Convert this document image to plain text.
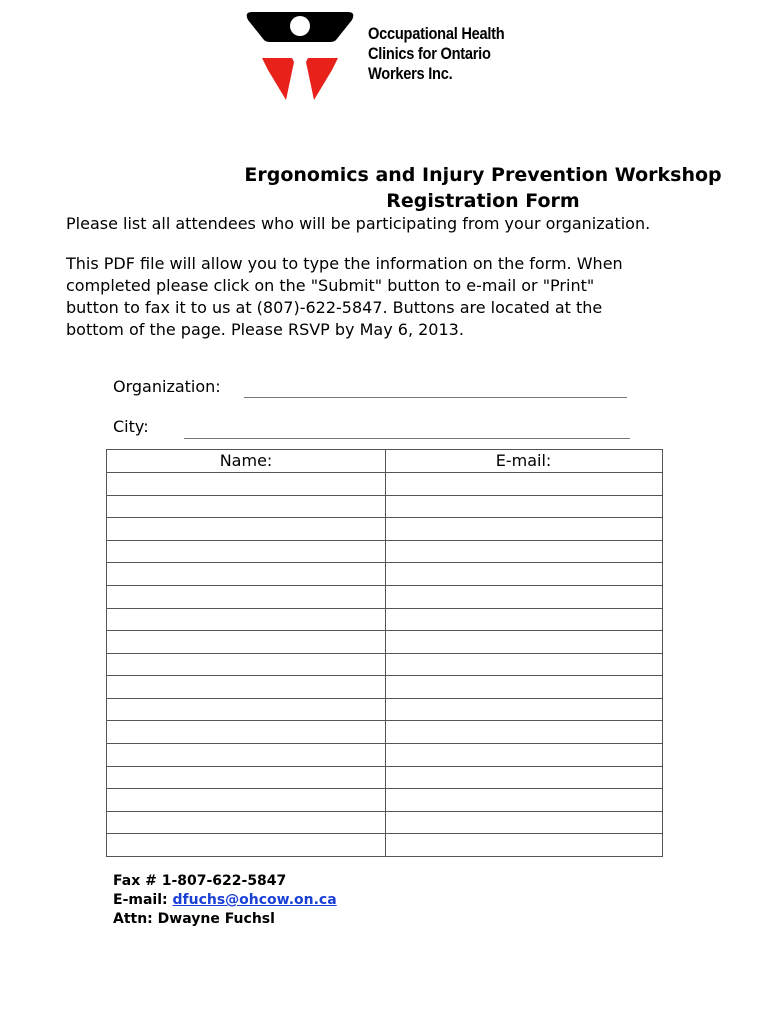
Occupational Health
Clinics for Ontario
Workers Inc.
Ergonomics and Injury Prevention Workshop
Registration Form
Please list all attendees who will be participating from your organization.
This PDF file will allow you to type the information on the form. When
completed please click on the "Submit" button to e-mail or "Print"
button to fax it to us at (807)-622-5847. Buttons are located at the
bottom of the page. Please RSVP by May 6, 2013.
Organization:
City:
Name:	E-mail:
Fax # 1-807-622-5847
E-mail: dfuchs@ohcow.on.ca
Attn: Dwayne Fuchsl
